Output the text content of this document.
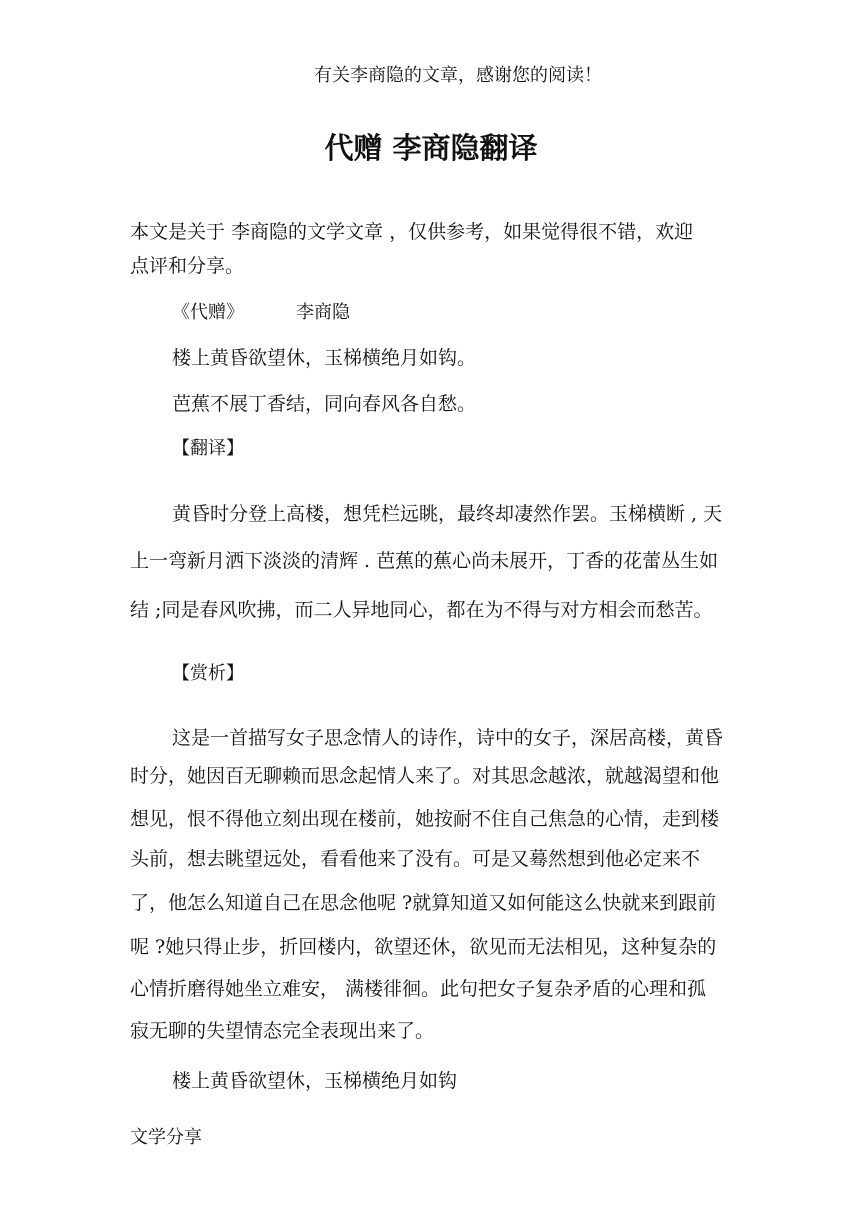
有关李商隐的文章，感谢您的阅读！

代赠 李商隐翻译

本文是关于 李商隐的文学文章 ，仅供参考，如果觉得很不错，欢迎

点评和分享。

《代赠》	李商隐

楼上黄昏欲望休，玉梯横绝月如钩。

芭蕉不展丁香结，同向春风各自愁。

【翻译】

黄昏时分登上高楼，想凭栏远眺，最终却凄然作罢。玉梯横断 , 天

上一弯新月洒下淡淡的清辉 . 芭蕉的蕉心尚未展开，丁香的花蕾丛生如

结 ;同是春风吹拂，而二人异地同心，都在为不得与对方相会而愁苦。

【赏析】

这是一首描写女子思念情人的诗作，诗中的女子，深居高楼，黄昏

时分，她因百无聊赖而思念起情人来了。对其思念越浓，就越渴望和他

想见，恨不得他立刻出现在楼前，她按耐不住自己焦急的心情，走到楼

头前，想去眺望远处，看看他来了没有。可是又蓦然想到他必定来不

了，他怎么知道自己在思念他呢 ?就算知道又如何能这么快就来到跟前

呢 ?她只得止步，折回楼内，欲望还休，欲见而无法相见，这种复杂的

心情折磨得她坐立难安， 满楼徘徊。此句把女子复杂矛盾的心理和孤

寂无聊的失望情态完全表现出来了。

楼上黄昏欲望休，玉梯横绝月如钩

文学分享
